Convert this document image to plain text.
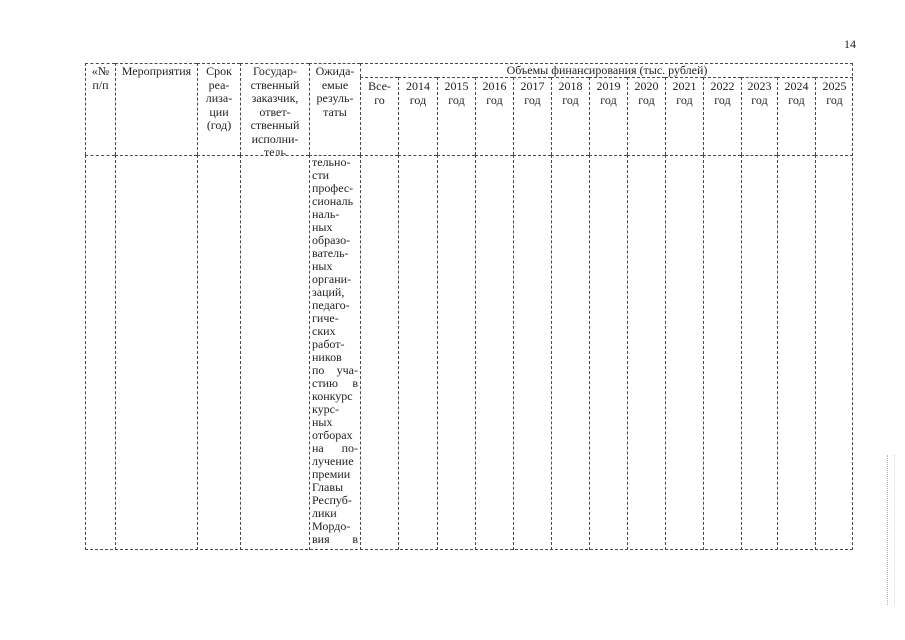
14
«№
п/п
Мероприятия	Срок
реа-
лиза-
ции
(год)
Государ-
ственный
заказчик,
ответ-
ственный
исполни-
тель
Ожида-
емые
резуль-
таты
Объемы финансирования (тыс. рублей)
Все-
го
2014
год
2015
год
2016
год
2017
год
2018
год
2019
год
2020
год
2021
год
2022
год
2023
год
2024
год
2025
год
тельно-
сти
профес-
сиональ
наль-
ных
образо-
ватель-
ных
органи-
заций,
педаго-
гиче-
ских
работ-
ников
по уча-
стию в
конкурс
курс-
ных
отборах
на по-
лучение
премии
Главы
Респуб-
лики
Мордо-
вия в
